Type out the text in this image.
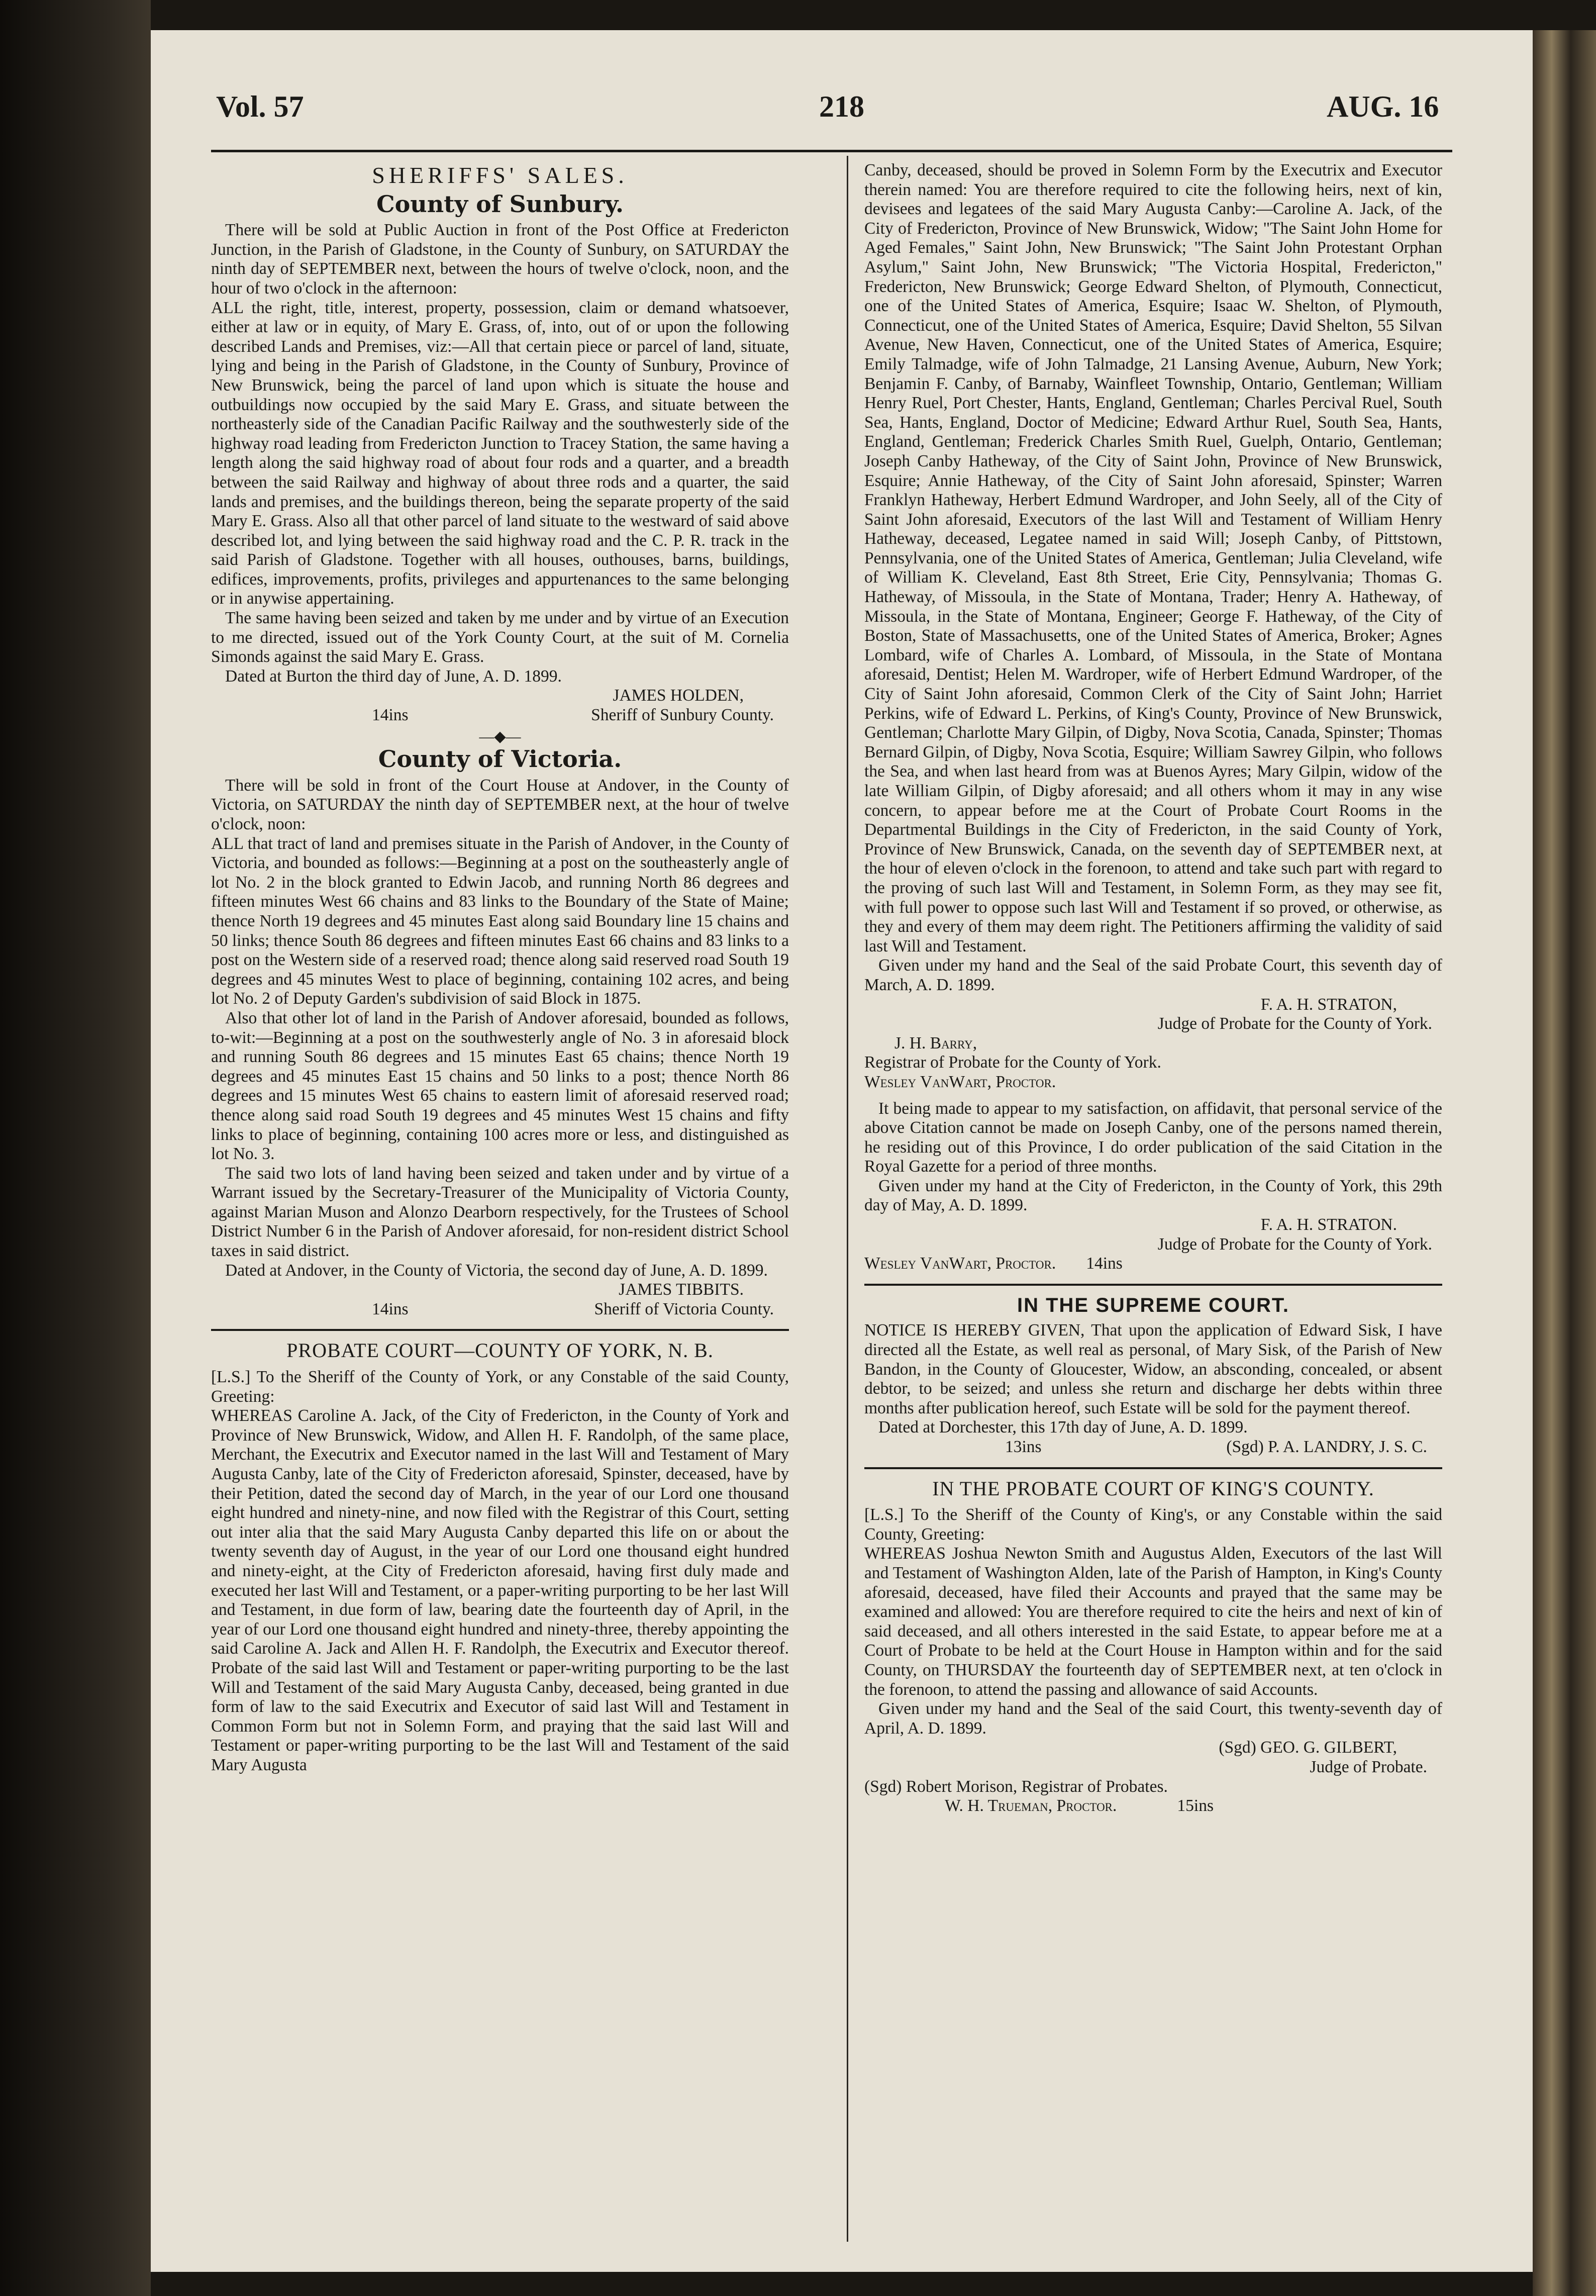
Vol. 57	218	AUG. 16
SHERIFFS' SALES.
County of Sunbury.

There will be sold at Public Auction in front of the Post Office at Fredericton Junction, in the Parish of Gladstone, in the County of Sunbury, on SATURDAY the ninth day of SEPTEMBER next, between the hours of twelve o'clock, noon, and the hour of two o'clock in the afternoon:

ALL the right, title, interest, property, possession, claim or demand whatsoever, either at law or in equity, of Mary E. Grass, of, into, out of or upon the following described Lands and Premises, viz:—All that certain piece or parcel of land, situate, lying and being in the Parish of Gladstone, in the County of Sunbury, Province of New Brunswick, being the parcel of land upon which is situate the house and outbuildings now occupied by the said Mary E. Grass, and situate between the northeasterly side of the Canadian Pacific Railway and the southwesterly side of the highway road leading from Fredericton Junction to Tracey Station, the same having a length along the said highway road of about four rods and a quarter, and a breadth between the said Railway and highway of about three rods and a quarter, the said lands and premises, and the buildings thereon, being the separate property of the said Mary E. Grass. Also all that other parcel of land situate to the westward of said above described lot, and lying between the said highway road and the C. P. R. track in the said Parish of Gladstone. Together with all houses, outhouses, barns, buildings, edifices, improvements, profits, privileges and appurtenances to the same belonging or in anywise appertaining.

The same having been seized and taken by me under and by virtue of an Execution to me directed, issued out of the York County Court, at the suit of M. Cornelia Simonds against the said Mary E. Grass.

Dated at Burton the third day of June, A. D. 1899.

JAMES HOLDEN,
14ins	Sheriff of Sunbury County.
—◆—
County of Victoria.

There will be sold in front of the Court House at Andover, in the County of Victoria, on SATURDAY the ninth day of SEPTEMBER next, at the hour of twelve o'clock, noon:

ALL that tract of land and premises situate in the Parish of Andover, in the County of Victoria, and bounded as follows:—Beginning at a post on the southeasterly angle of lot No. 2 in the block granted to Edwin Jacob, and running North 86 degrees and fifteen minutes West 66 chains and 83 links to the Boundary of the State of Maine; thence North 19 degrees and 45 minutes East along said Boundary line 15 chains and 50 links; thence South 86 degrees and fifteen minutes East 66 chains and 83 links to a post on the Western side of a reserved road; thence along said reserved road South 19 degrees and 45 minutes West to place of beginning, containing 102 acres, and being lot No. 2 of Deputy Garden's subdivision of said Block in 1875.

Also that other lot of land in the Parish of Andover aforesaid, bounded as follows, to-wit:—Beginning at a post on the southwesterly angle of No. 3 in aforesaid block and running South 86 degrees and 15 minutes East 65 chains; thence North 19 degrees and 45 minutes East 15 chains and 50 links to a post; thence North 86 degrees and 15 minutes West 65 chains to eastern limit of aforesaid reserved road; thence along said road South 19 degrees and 45 minutes West 15 chains and fifty links to place of beginning, containing 100 acres more or less, and distinguished as lot No. 3.

The said two lots of land having been seized and taken under and by virtue of a Warrant issued by the Secretary-Treasurer of the Municipality of Victoria County, against Marian Muson and Alonzo Dearborn respectively, for the Trustees of School District Number 6 in the Parish of Andover aforesaid, for non-resident district School taxes in said district.

Dated at Andover, in the County of Victoria, the second day of June, A. D. 1899.

JAMES TIBBITS.
14ins	Sheriff of Victoria County.
PROBATE COURT—COUNTY OF YORK, N. B.

[L.S.] To the Sheriff of the County of York, or any Constable of the said County, Greeting:

WHEREAS Caroline A. Jack, of the City of Fredericton, in the County of York and Province of New Brunswick, Widow, and Allen H. F. Randolph, of the same place, Merchant, the Executrix and Executor named in the last Will and Testament of Mary Augusta Canby, late of the City of Fredericton aforesaid, Spinster, deceased, have by their Petition, dated the second day of March, in the year of our Lord one thousand eight hundred and ninety-nine, and now filed with the Registrar of this Court, setting out inter alia that the said Mary Augusta Canby departed this life on or about the twenty seventh day of August, in the year of our Lord one thousand eight hundred and ninety-eight, at the City of Fredericton aforesaid, having first duly made and executed her last Will and Testament, or a paper-writing purporting to be her last Will and Testament, in due form of law, bearing date the fourteenth day of April, in the year of our Lord one thousand eight hundred and ninety-three, thereby appointing the said Caroline A. Jack and Allen H. F. Randolph, the Executrix and Executor thereof. Probate of the said last Will and Testament or paper-writing purporting to be the last Will and Testament of the said Mary Augusta Canby, deceased, being granted in due form of law to the said Executrix and Executor of said last Will and Testament in Common Form but not in Solemn Form, and praying that the said last Will and Testament or paper-writing purporting to be the last Will and Testament of the said Mary Augusta

Canby, deceased, should be proved in Solemn Form by the Executrix and Executor therein named: You are therefore required to cite the following heirs, next of kin, devisees and legatees of the said Mary Augusta Canby:—Caroline A. Jack, of the City of Fredericton, Province of New Brunswick, Widow; "The Saint John Home for Aged Females," Saint John, New Brunswick; "The Saint John Protestant Orphan Asylum," Saint John, New Brunswick; "The Victoria Hospital, Fredericton," Fredericton, New Brunswick; George Edward Shelton, of Plymouth, Connecticut, one of the United States of America, Esquire; Isaac W. Shelton, of Plymouth, Connecticut, one of the United States of America, Esquire; David Shelton, 55 Silvan Avenue, New Haven, Connecticut, one of the United States of America, Esquire; Emily Talmadge, wife of John Talmadge, 21 Lansing Avenue, Auburn, New York; Benjamin F. Canby, of Barnaby, Wainfleet Township, Ontario, Gentleman; William Henry Ruel, Port Chester, Hants, England, Gentleman; Charles Percival Ruel, South Sea, Hants, England, Doctor of Medicine; Edward Arthur Ruel, South Sea, Hants, England, Gentleman; Frederick Charles Smith Ruel, Guelph, Ontario, Gentleman; Joseph Canby Hatheway, of the City of Saint John, Province of New Brunswick, Esquire; Annie Hatheway, of the City of Saint John aforesaid, Spinster; Warren Franklyn Hatheway, Herbert Edmund Wardroper, and John Seely, all of the City of Saint John aforesaid, Executors of the last Will and Testament of William Henry Hatheway, deceased, Legatee named in said Will; Joseph Canby, of Pittstown, Pennsylvania, one of the United States of America, Gentleman; Julia Cleveland, wife of William K. Cleveland, East 8th Street, Erie City, Pennsylvania; Thomas G. Hatheway, of Missoula, in the State of Montana, Trader; Henry A. Hatheway, of Missoula, in the State of Montana, Engineer; George F. Hatheway, of the City of Boston, State of Massachusetts, one of the United States of America, Broker; Agnes Lombard, wife of Charles A. Lombard, of Missoula, in the State of Montana aforesaid, Dentist; Helen M. Wardroper, wife of Herbert Edmund Wardroper, of the City of Saint John aforesaid, Common Clerk of the City of Saint John; Harriet Perkins, wife of Edward L. Perkins, of King's County, Province of New Brunswick, Gentleman; Charlotte Mary Gilpin, of Digby, Nova Scotia, Canada, Spinster; Thomas Bernard Gilpin, of Digby, Nova Scotia, Esquire; William Sawrey Gilpin, who follows the Sea, and when last heard from was at Buenos Ayres; Mary Gilpin, widow of the late William Gilpin, of Digby aforesaid; and all others whom it may in any wise concern, to appear before me at the Court of Probate Court Rooms in the Departmental Buildings in the City of Fredericton, in the said County of York, Province of New Brunswick, Canada, on the seventh day of SEPTEMBER next, at the hour of eleven o'clock in the forenoon, to attend and take such part with regard to the proving of such last Will and Testament, in Solemn Form, as they may see fit, with full power to oppose such last Will and Testament if so proved, or otherwise, as they and every of them may deem right. The Petitioners affirming the validity of said last Will and Testament.

Given under my hand and the Seal of the said Probate Court, this seventh day of March, A. D. 1899.

F. A. H. STRATON,
Judge of Probate for the County of York.
J. H. Barry,
Registrar of Probate for the County of York.
Wesley VanWart, Proctor.

It being made to appear to my satisfaction, on affidavit, that personal service of the above Citation cannot be made on Joseph Canby, one of the persons named therein, he residing out of this Province, I do order publication of the said Citation in the Royal Gazette for a period of three months.

Given under my hand at the City of Fredericton, in the County of York, this 29th day of May, A. D. 1899.

F. A. H. STRATON.
Judge of Probate for the County of York.
Wesley VanWart, Proctor. 14ins
IN THE SUPREME COURT.

NOTICE IS HEREBY GIVEN, That upon the application of Edward Sisk, I have directed all the Estate, as well real as personal, of Mary Sisk, of the Parish of New Bandon, in the County of Gloucester, Widow, an absconding, concealed, or absent debtor, to be seized; and unless she return and discharge her debts within three months after publication hereof, such Estate will be sold for the payment thereof.

Dated at Dorchester, this 17th day of June, A. D. 1899.

13ins	(Sgd) P. A. LANDRY, J. S. C.
IN THE PROBATE COURT OF KING'S COUNTY.

[L.S.] To the Sheriff of the County of King's, or any Constable within the said County, Greeting:

WHEREAS Joshua Newton Smith and Augustus Alden, Executors of the last Will and Testament of Washington Alden, late of the Parish of Hampton, in King's County aforesaid, deceased, have filed their Accounts and prayed that the same may be examined and allowed: You are therefore required to cite the heirs and next of kin of said deceased, and all others interested in the said Estate, to appear before me at a Court of Probate to be held at the Court House in Hampton within and for the said County, on THURSDAY the fourteenth day of SEPTEMBER next, at ten o'clock in the forenoon, to attend the passing and allowance of said Accounts.

Given under my hand and the Seal of the said Court, this twenty-seventh day of April, A. D. 1899.

(Sgd) GEO. G. GILBERT,
Judge of Probate.
(Sgd) Robert Morison, Registrar of Probates.
W. H. Trueman, Proctor.	15ins
